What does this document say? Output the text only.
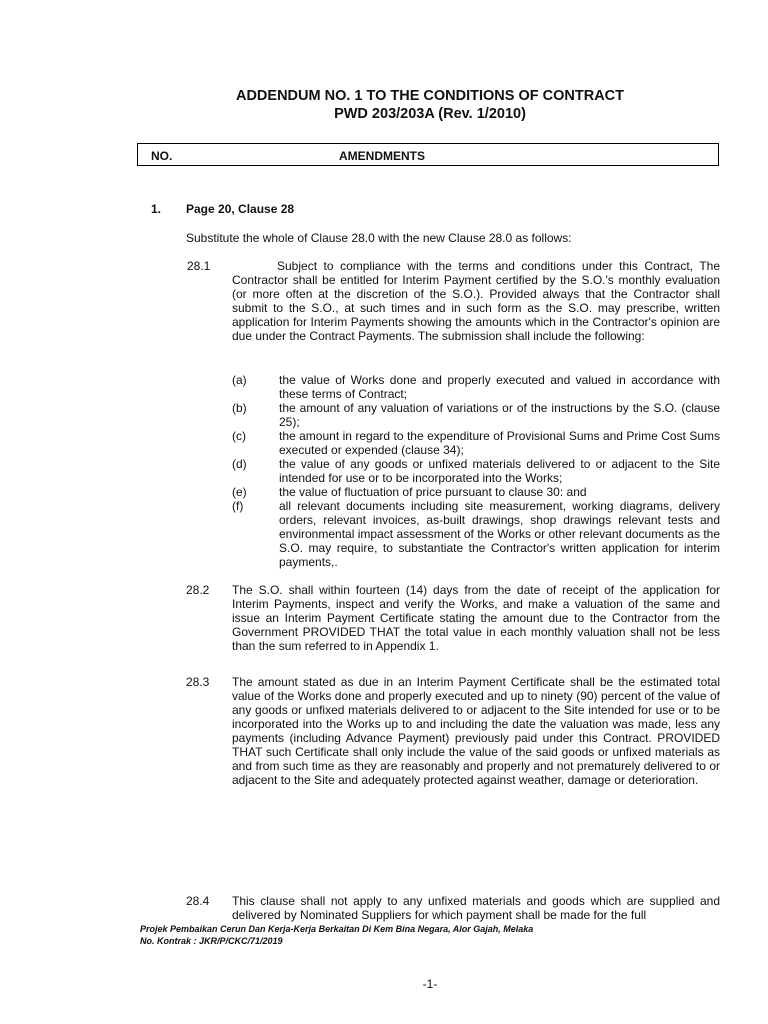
ADDENDUM NO. 1 TO THE CONDITIONS OF CONTRACT
PWD 203/203A (Rev. 1/2010)
NO.	AMENDMENTS
1. Page 20, Clause 28
Substitute the whole of Clause 28.0 with the new Clause 28.0 as follows:

28.1	Subject to compliance with the terms and conditions under this Contract, The Contractor shall be entitled for Interim Payment certified by the S.O.'s monthly evaluation (or more often at the discretion of the S.O.). Provided always that the Contractor shall submit to the S.O., at such times and in such form as the S.O. may prescribe, written application for Interim Payments showing the amounts which in the Contractor's opinion are due under the Contract Payments. The submission shall include the following:

(a)	the value of Works done and properly executed and valued in accordance with these terms of Contract;

(b)	the amount of any valuation of variations or of the instructions by the S.O. (clause 25);

(c)	the amount in regard to the expenditure of Provisional Sums and Prime Cost Sums executed or expended (clause 34);

(d)	the value of any goods or unfixed materials delivered to or adjacent to the Site intended for use or to be incorporated into the Works;

(e)	the value of fluctuation of price pursuant to clause 30: and

(f)	all relevant documents including site measurement, working diagrams, delivery orders, relevant invoices, as-built drawings, shop drawings relevant tests and environmental impact assessment of the Works or other relevant documents as the S.O. may require, to substantiate the Contractor's written application for interim payments,.

28.2 The S.O. shall within fourteen (14) days from the date of receipt of the application for Interim Payments, inspect and verify the Works, and make a valuation of the same and issue an Interim Payment Certificate stating the amount due to the Contractor from the Government PROVIDED THAT the total value in each monthly valuation shall not be less than the sum referred to in Appendix 1.

28.3 The amount stated as due in an Interim Payment Certificate shall be the estimated total value of the Works done and properly executed and up to ninety (90) percent of the value of any goods or unfixed materials delivered to or adjacent to the Site intended for use or to be incorporated into the Works up to and including the date the valuation was made, less any payments (including Advance Payment) previously paid under this Contract. PROVIDED THAT such Certificate shall only include the value of the said goods or unfixed materials as and from such time as they are reasonably and properly and not prematurely delivered to or adjacent to the Site and adequately protected against weather, damage or deterioration.

28.4 This clause shall not apply to any unfixed materials and goods which are supplied and delivered by Nominated Suppliers for which payment shall be made for the full

Projek Pembaikan Cerun Dan Kerja-Kerja Berkaitan Di Kem Bina Negara, Alor Gajah, Melaka
No. Kontrak : JKR/P/CKC/71/2019
-1-
